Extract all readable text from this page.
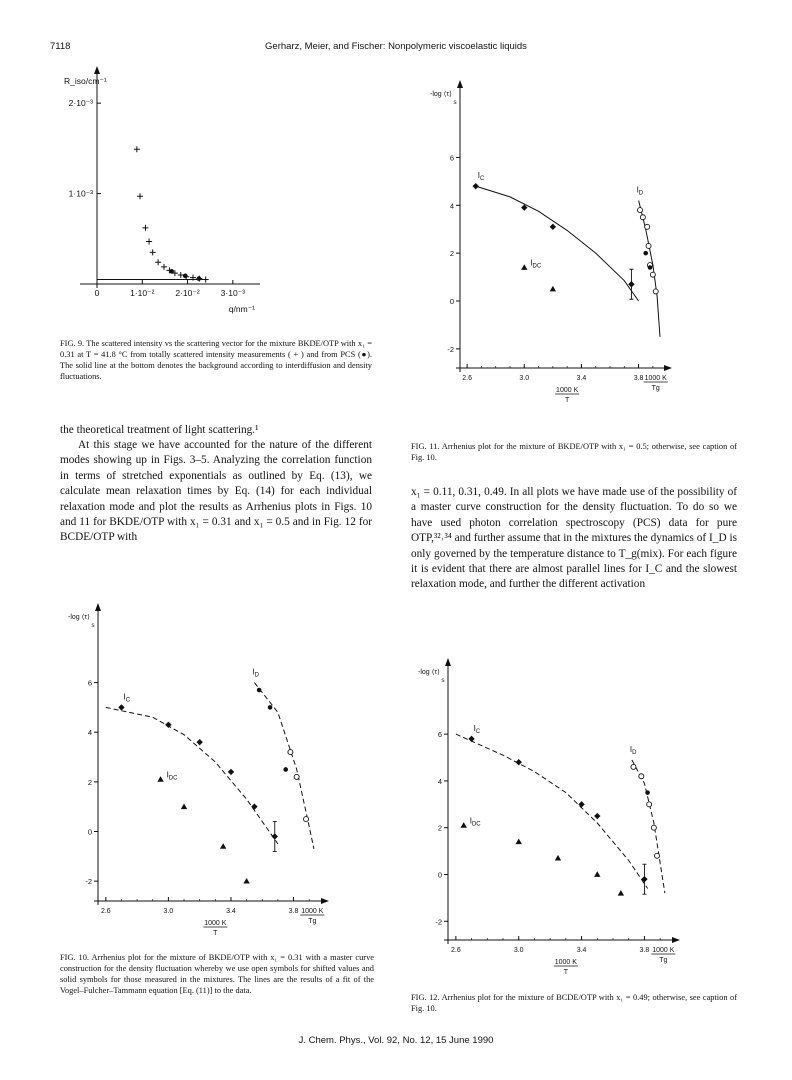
7118	Gerharz, Meier, and Fischer: Nonpolymeric viscoelastic liquids
0	1·10⁻² 2·10⁻² 3·10⁻³
1·10⁻³
2·10⁻³
R_iso/cm⁻¹
q/nm⁻¹
FIG. 9. The scattered intensity vs the scattering vector for the mixture BKDE/OTP with x₁ = 0.31 at T = 41.8 °C from totally scattered intensity measurements ( + ) and from PCS (●). The solid line at the bottom denotes the background according to interdiffusion and density fluctuations.
the theoretical treatment of light scattering.¹
At this stage we have accounted for the nature of the different modes showing up in Figs. 3–5. Analyzing the correlation function in terms of stretched exponentials as outlined by Eq. (13), we calculate mean relaxation times by Eq. (14) for each individual relaxation mode and plot the results as Arrhenius plots in Figs. 10 and 11 for BKDE/OTP with x₁ = 0.31 and x₁ = 0.5 and in Fig. 12 for BCDE/OTP with
2.6	3.0	3.4	3.8
-2
0
2
4
6
-log ⟨τ⟩
s
1000 K
T
1000 K
Tg
$I_C$
$I_D$
$I_{DC}$
FIG. 11. Arrhenius plot for the mixture of BKDE/OTP with x₁ = 0.5; otherwise, see caption of Fig. 10.
x₁ = 0.11, 0.31, 0.49. In all plots we have made use of the possibility of a master curve construction for the density fluctuation. To do so we have used photon correlation spectroscopy (PCS) data for pure OTP,³²˒³⁴ and further assume that in the mixtures the dynamics of I_D is only governed by the temperature distance to T_g(mix). For each figure it is evident that there are almost parallel lines for I_C and the slowest relaxation mode, and further the different activation
2.6	3.0	3.4	3.8
-2
0
2
4
6
-log ⟨τ⟩
s
1000 K
T
1000 K
Tg
$I_C$
$I_D$
$I_{DC}$
FIG. 10. Arrhenius plot for the mixture of BKDE/OTP with x₁ = 0.31 with a master curve construction for the density fluctuation whereby we use open symbols for shifted values and solid symbols for those measured in the mixtures. The lines are the results of a fit of the Vogel–Fulcher–Tammann equation [Eq. (11)] to the data.
2.6	3.0	3.4	3.8
-2
0
2
4
6
-log ⟨τ⟩
s
1000 K
T
1000 K
Tg
$I_C$
$I_D$
$I_{DC}$
FIG. 12. Arrhenius plot for the mixture of BCDE/OTP with x₁ = 0.49; otherwise, see caption of Fig. 10.
J. Chem. Phys., Vol. 92, No. 12, 15 June 1990
